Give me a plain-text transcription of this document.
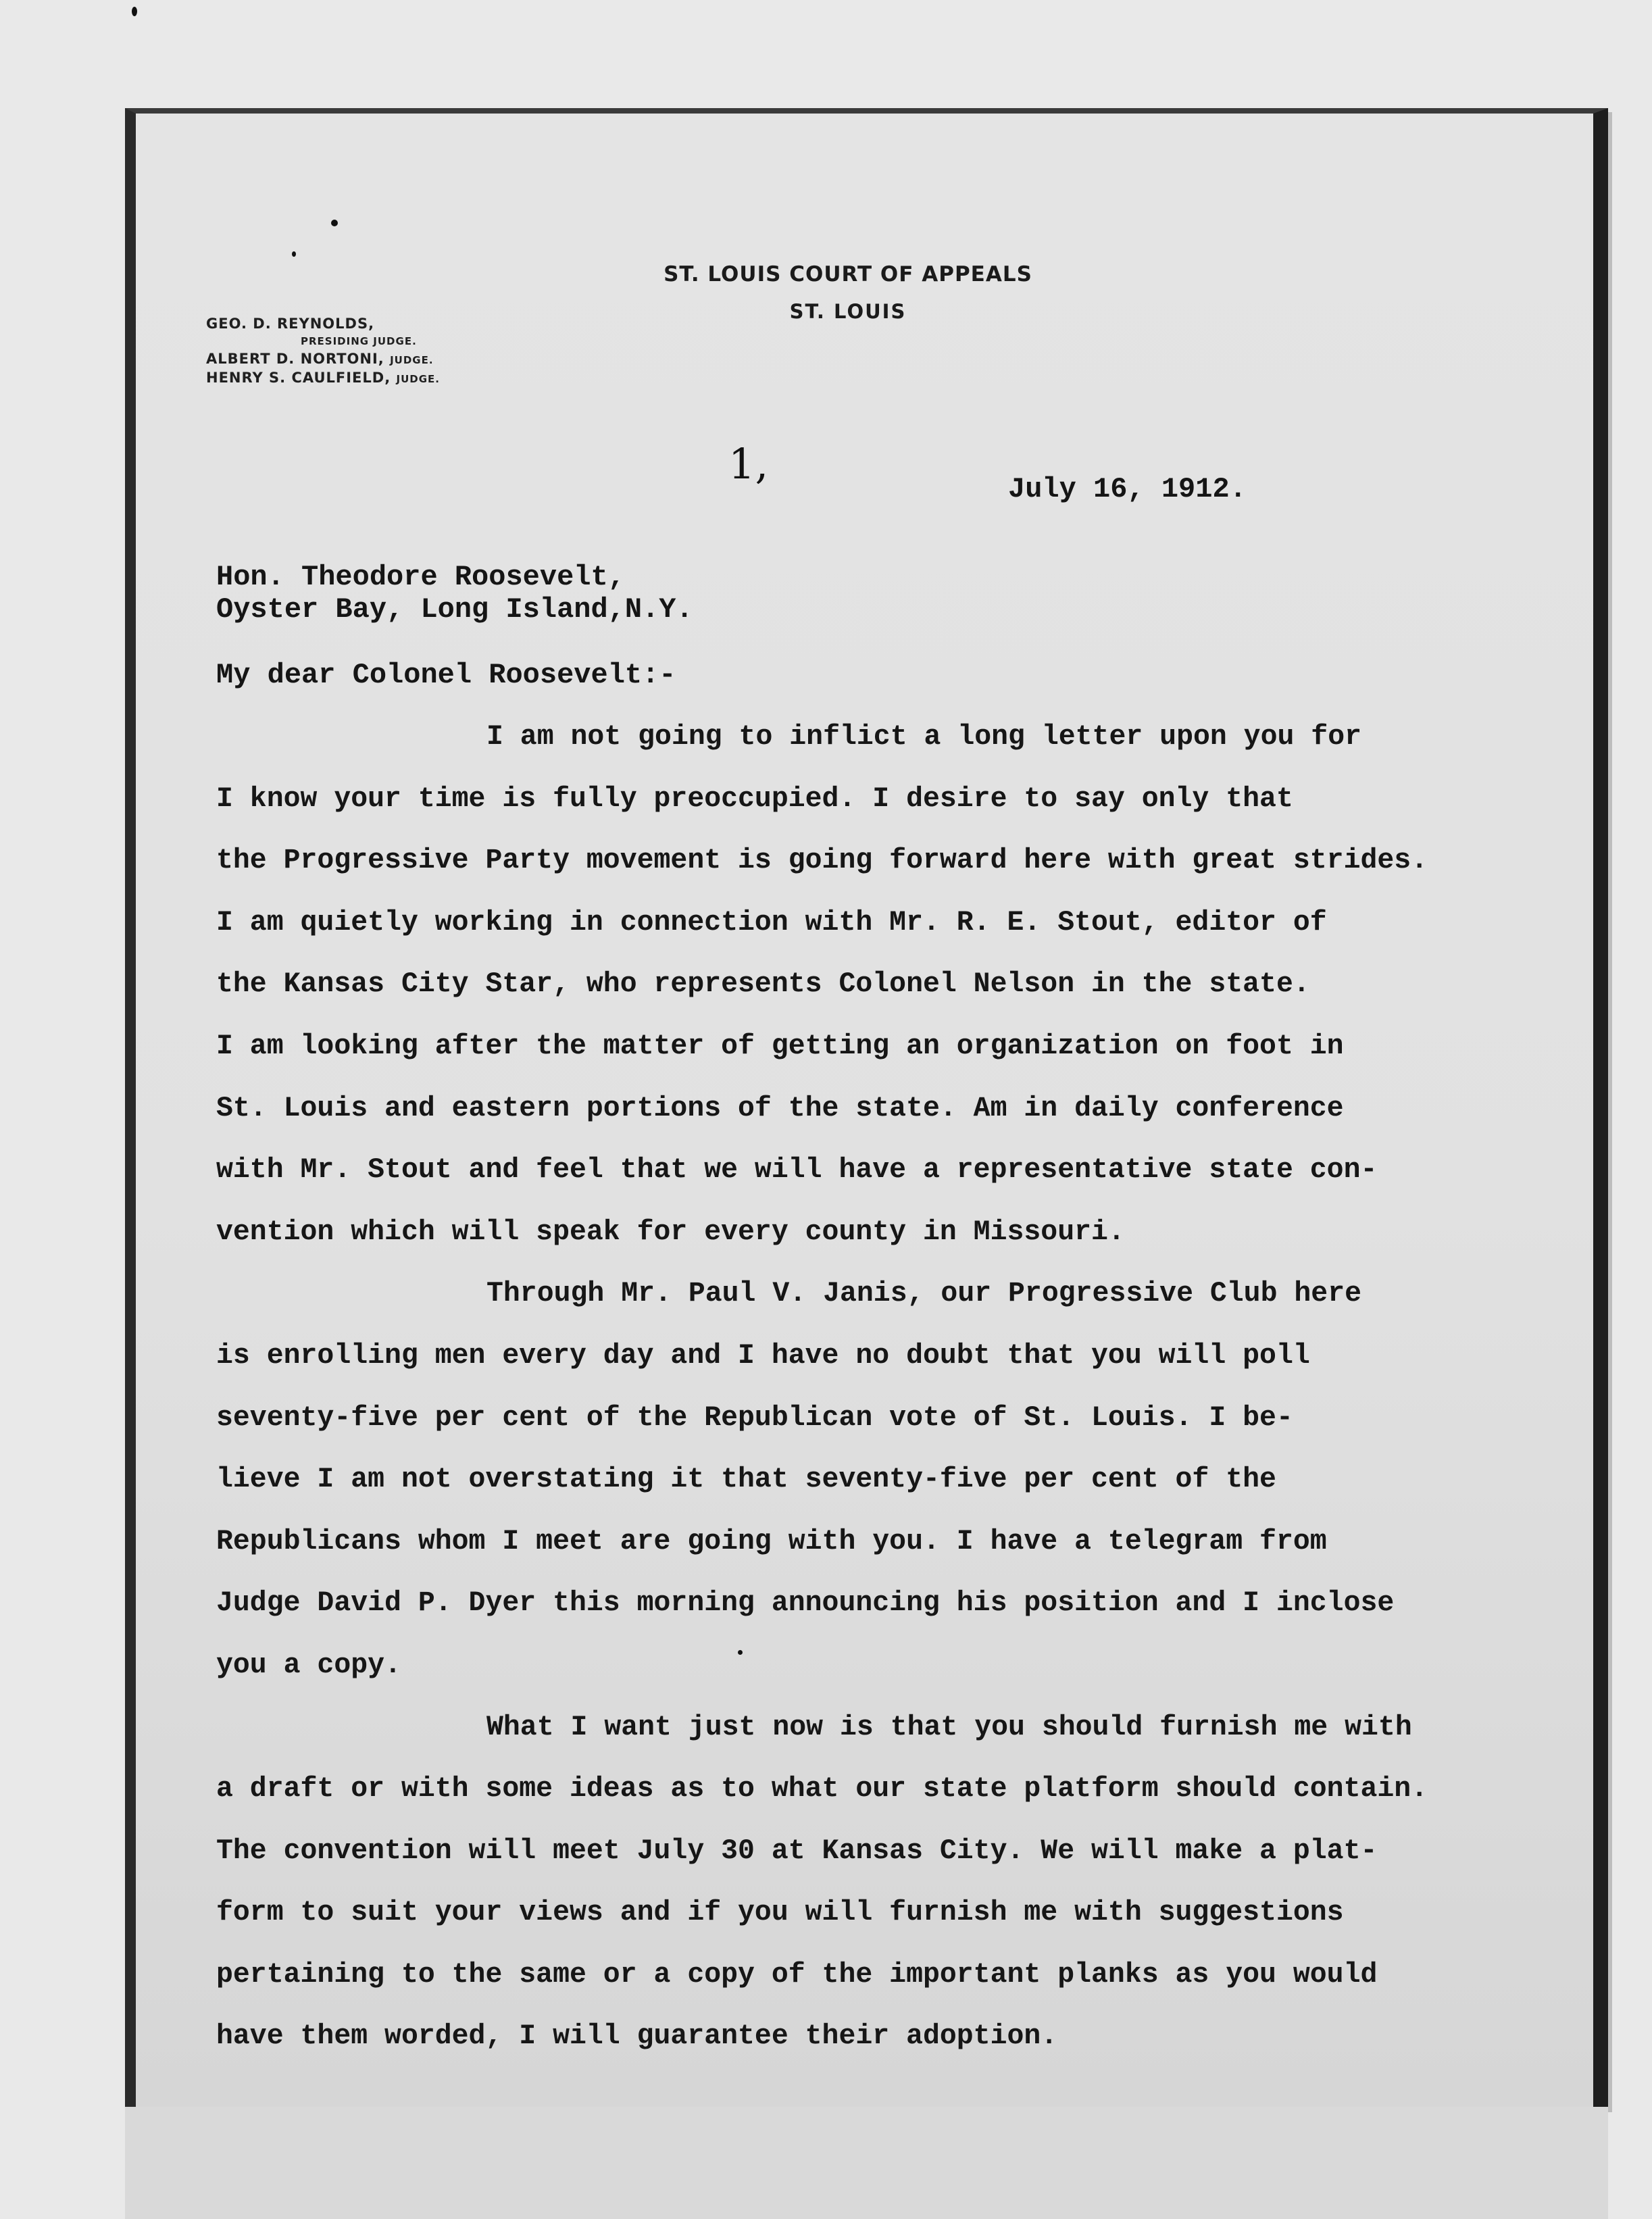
ST. LOUIS COURT OF APPEALS
ST. LOUIS
GEO. D. REYNOLDS,
PRESIDING JUDGE.
ALBERT D. NORTONI, JUDGE.
HENRY S. CAULFIELD, JUDGE.
1,
July 16, 1912.
Hon. Theodore Roosevelt,
Oyster Bay, Long Island,N.Y.
My dear Colonel Roosevelt:-
I am not going to inflict a long letter upon you for
I know your time is fully preoccupied. I desire to say only that
the Progressive Party movement is going forward here with great strides.
I am quietly working in connection with Mr. R. E. Stout, editor of
the Kansas City Star, who represents Colonel Nelson in the state.
I am looking after the matter of getting an organization on foot in
St. Louis and eastern portions of the state. Am in daily conference
with Mr. Stout and feel that we will have a representative state con-
vention which will speak for every county in Missouri.
Through Mr. Paul V. Janis, our Progressive Club here
is enrolling men every day and I have no doubt that you will poll
seventy-five per cent of the Republican vote of St. Louis. I be-
lieve I am not overstating it that seventy-five per cent of the
Republicans whom I meet are going with you. I have a telegram from
Judge David P. Dyer this morning announcing his position and I inclose
you a copy.
What I want just now is that you should furnish me with
a draft or with some ideas as to what our state platform should contain.
The convention will meet July 30 at Kansas City. We will make a plat-
form to suit your views and if you will furnish me with suggestions
pertaining to the same or a copy of the important planks as you would
have them worded, I will guarantee their adoption.
